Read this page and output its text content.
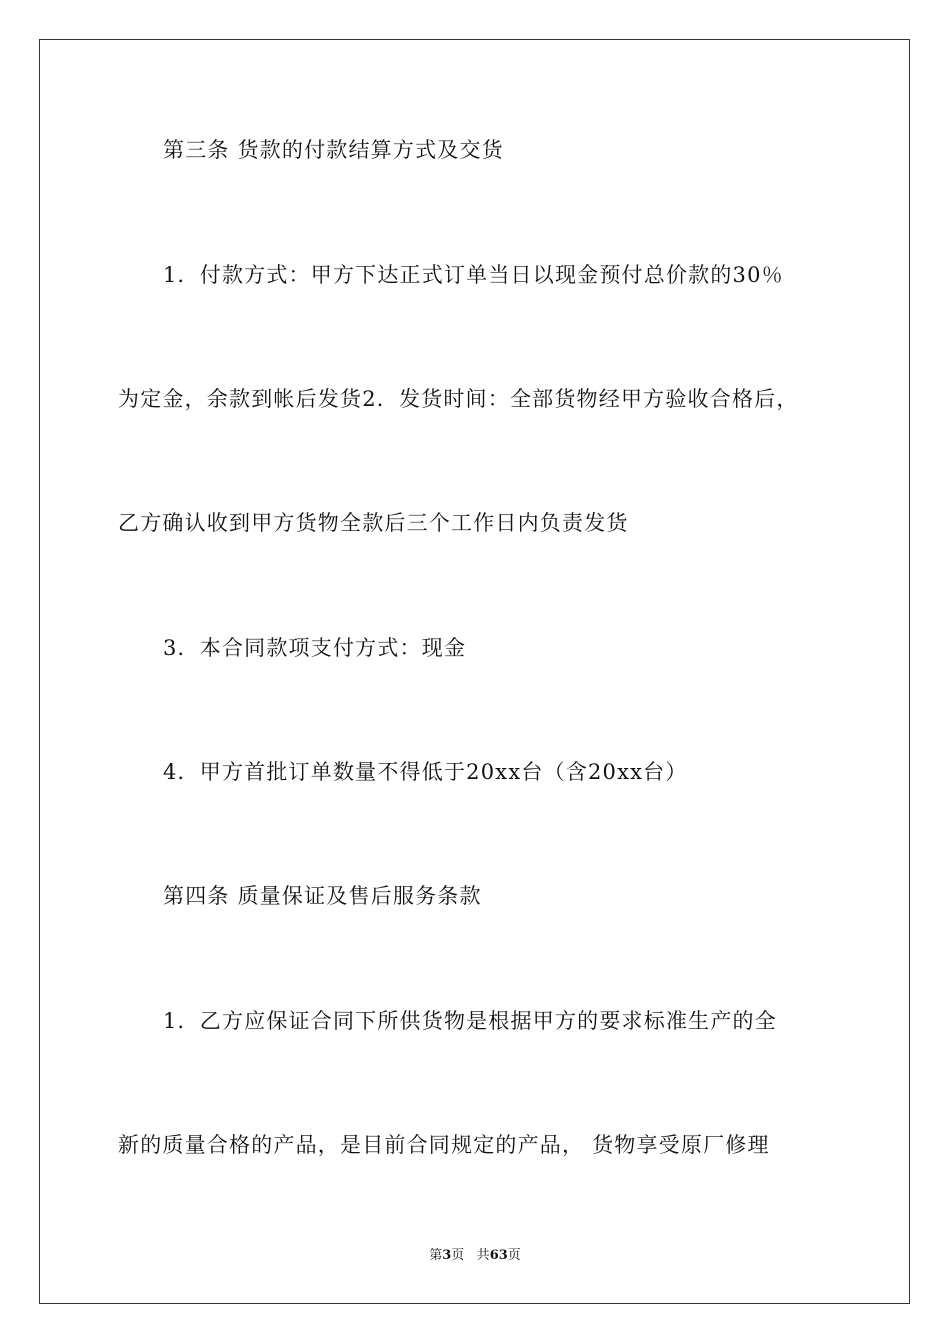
第三条 货款的付款结算方式及交货
1．付款方式：甲方下达正式订单当日以现金预付总价款的30％
为定金，余款到帐后发货2．发货时间：全部货物经甲方验收合格后，
乙方确认收到甲方货物全款后三个工作日内负责发货
3．本合同款项支付方式：现金
4．甲方首批订单数量不得低于20xx台（含20xx台）
第四条 质量保证及售后服务条款
1．乙方应保证合同下所供货物是根据甲方的要求标准生产的全
新的质量合格的产品，是目前合同规定的产品， 货物享受原厂修理
第3页 共63页
